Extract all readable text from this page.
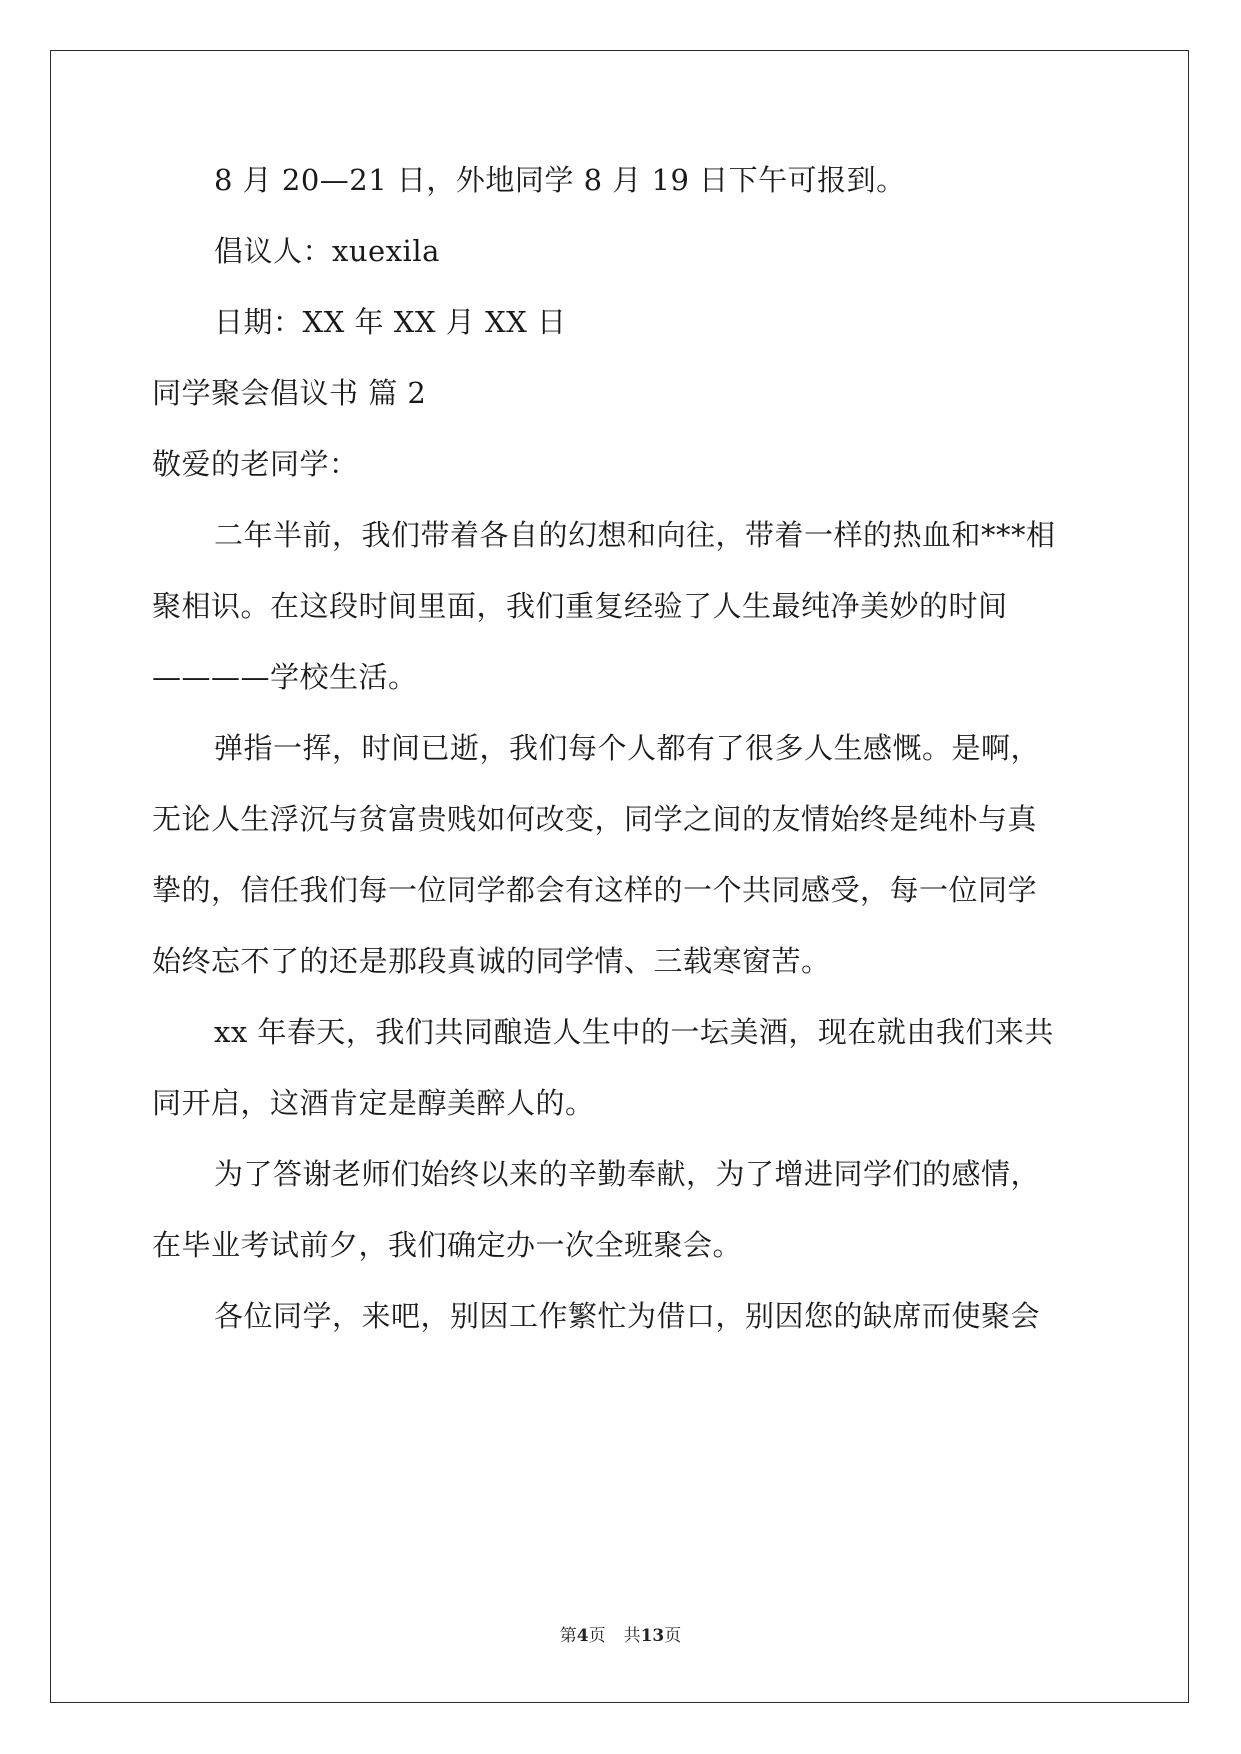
8 月 20—21 日，外地同学 8 月 19 日下午可报到。
倡议人：xuexila
日期：XX 年 XX 月 XX 日
同学聚会倡议书 篇 2
敬爱的老同学：
二年半前，我们带着各自的幻想和向往，带着一样的热血和***相
聚相识。在这段时间里面，我们重复经验了人生最纯净美妙的时间
————学校生活。
弹指一挥，时间已逝，我们每个人都有了很多人生感慨。是啊，
无论人生浮沉与贫富贵贱如何改变，同学之间的友情始终是纯朴与真
挚的，信任我们每一位同学都会有这样的一个共同感受，每一位同学
始终忘不了的还是那段真诚的同学情、三载寒窗苦。
xx 年春天，我们共同酿造人生中的一坛美酒，现在就由我们来共
同开启，这酒肯定是醇美醉人的。
为了答谢老师们始终以来的辛勤奉献，为了增进同学们的感情，
在毕业考试前夕，我们确定办一次全班聚会。
各位同学，来吧，别因工作繁忙为借口，别因您的缺席而使聚会
第4页 共13页
